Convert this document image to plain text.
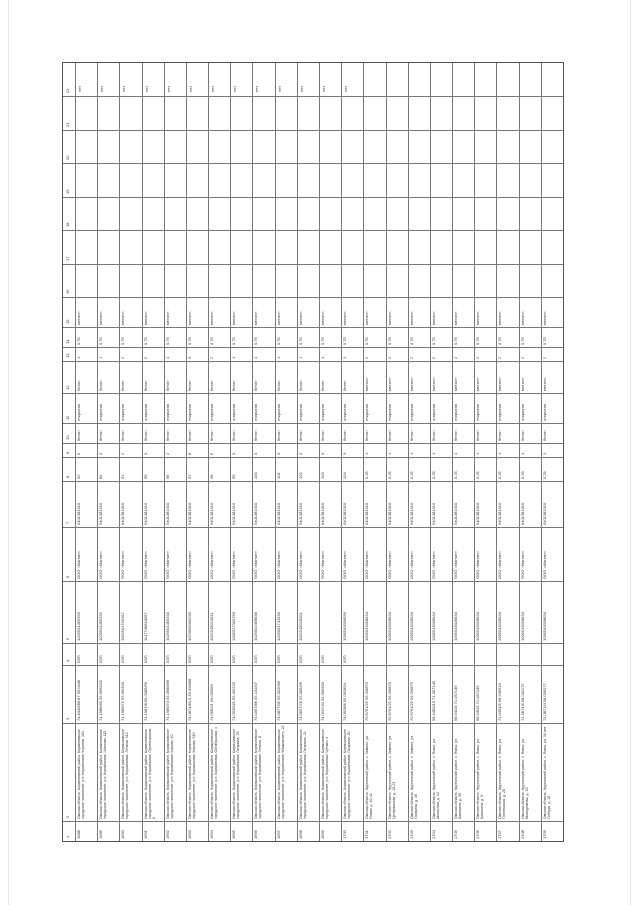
1
2
3
4
5
6
7
8
9
10
11
12
13
14
15
16
17
18
19
20
21
22
1688
Омская область, Кормиловский район, Кормиловское городское поселение, р.п. Кормиловка, Корская, 101
74.8446/86.87 55.0446
КЗП
1025501455333
ООО «Магнит»
5401381910
92
5
бетон
открытая
бетон
1
0.75
металл
нет
1689
Омская область, Кормиловский район, Кормиловское городское поселение, р.п. Кормиловка, Чкалова, 115
74.1988/60 55.0966/15
КЗП
1025501455333
ООО «Магнит»
5401381910
89
3
бетон
открытая
бетон
1
0.75
металл
нет
1690
Омская область, Кормиловский район, Кормиловское городское поселение, р.п. Кормиловка, Ленина, 112
74.1986/72 55.09/346
КЗП
1165501750152
ООО «Магнит»
5401381910
91
2
бетон
открытая
бетон
2
0.75
металл
нет
1691
Омская область, Кормиловский район, Кормиловское городское поселение, р.п. Кормиловка, Пролетарская, 6
74.1987/8 55.0985/56
КЗП
1147746618597
ООО «Магнит»
5401381910
95
3
бетон
открытая
бетон
2
0.75
металл
нет
1692
Омская область, Кормиловский район, Кормиловское городское поселение, р.п. Кормиловка, Кирова, 40
74.1986/74 55.0988/96
КЗП
1025501455333
ООО «Магнит»
5401381910
96
2
бетон
открытая
бетон
1
0.75
металл
нет
1693
Омская область, Кормиловский район, Кормиловское городское поселение, р.п. Кормиловка, Кирова, 51б
74.0874/63.5 55.098/88
КЗП
1075505000235
ООО «Магнит»
5401381910
97
8
бетон
открытая
бетон
3
0.75
металл
нет
1694
Омская область, Кормиловский район, Кормиловское городское поселение, р.п. Кормиловка, Октябрьская, 4
74.0582/1 55.09/384
КЗП
1155543024531
ООО «Магнит»
5401381910
98
6
бетон
открытая
бетон
2
0.75
металл
нет
1695
Омская область, Кормиловский район, Кормиловское городское поселение, р.п. Кормиловка, Гагарина, 29
74.09360/1 55.0/0229
КЗП
1095527000750
ООО «Магнит»
5401381910
99
3
бетон
открытая
бетон
1
0.75
металл
нет
1696
Омская область, Кормиловский район, Кормиловское городское поселение, р.п. Кормиловка, Ленина, 8
74.0367/86 55.101/07
КЗП
1025502456840
ООО «Магнит»
5401381910
100
3
бетон
открытая
бетон
1
0.75
металл
нет
1697
Омская область, Кормиловский район, Кормиловское городское поселение, р.п. Кормиловка, Маяковского, 23
74.0877/05 55.052096
КЗП
1025501741530
ООО «Магнит»
5401381910
101
3
бетон
открытая
бетон
1
0.75
металл
нет
1698
Омская область, Кормиловский район, Кормиловское городское поселение, р.п. Кормиловка, Гагарина, 23
74.0597/78 55.095/99
КЗП
1155543028201
ООО «Магнит»
5401381910
102
3
бетон
открытая
бетон
1
0.75
металл
нет
1699
Омская область, Кормиловский район, Кормиловское городское поселение, р.п. Кормиловка, Цеткин, 1
74.0/47/33 55.055585
КЗП
ООО «Магнит»
5401381910
103
3
бетон
открытая
бетон
1
0.75
металл
нет
1700
Омская область, Кормиловский район, Кормиловское городское поселение, р.п. Кормиловка, Гагарина, 30
74.0928/6 55.092854
КЗП
1095543034559
ООО «Магнит»
5401381910
104
3
бетон
открытая
бетон
1
0.75
металл
нет
1701
Омская область, Крутинский район, с. Зимино, ул. Новая, д. 40-42
70.6761/22 56.2/9875
1095543028834
ООО «Магнит»
5401381910
0.25
1
бетон
открытая
металл
2
0.75
металл
1702
Омская область, Крутинский район, с. Зимино, ул. Центральная, д. 19-21
70.6761/22 56.2/9875
1095543028834
ООО «Магнит»
5401381910
0.25
1
бетон
открытая
металл
2
0.75
металл
1703
Омская область, Крутинский район, с. Зимино, ул. Гагарина, д. 16
70.6761/22 56.2/9875
1095543028834
ООО «Магнит»
5401381910
0.25
1
бетон
открытая
металл
2
0.75
металл
1704
Омская область, Крутинский район, с. Ямсы, ул. Школьная, д. 12
58.9459/15 71.057146
1095543028834
ООО «Магнит»
5401381910
0.25
1
бетон
открытая
металл
2
0.75
металл
1705
Омская область, Крутинский район, с. Ямсы, ул. Калинина, д. 35
58.94/15 71.057146
1095543028834
ООО «Магнит»
5401381910
0.25
1
бетон
открытая
металл
2
0.75
металл
1706
Омская область, Крутинский район, с. Ямсы, ул. Калинина, д. 9
58.94/15 71.057146
1095543028834
ООО «Магнит»
5401381910
0.25
1
бетон
открытая
металл
2
0.75
металл
1707
Омская область, Крутинский район, с. Ямсы, ул. Пионерская, д. 28
71.0454/5 58.949519
1095543028834
ООО «Магнит»
5401381910
0.25
1
бетон
открытая
металл
2
0.75
металл
1708
Омская область, Крутинский район, с. Ямсы, ул. Молодежная, д. 15
71.3874/6 58.041172
1095543028834
ООО «Магнит»
5401381910
0.25
1
бетон
открытая
металл
2
0.75
металл
1709
Омская область, Крутинский район, с. Ямсы, ул. 30 лет Победы, д. 16
71.0871/4 58.039277
1095543028834
ООО «Магнит»
5401381910
0.25
1
бетон
открытая
металл
2
0.75
металл
